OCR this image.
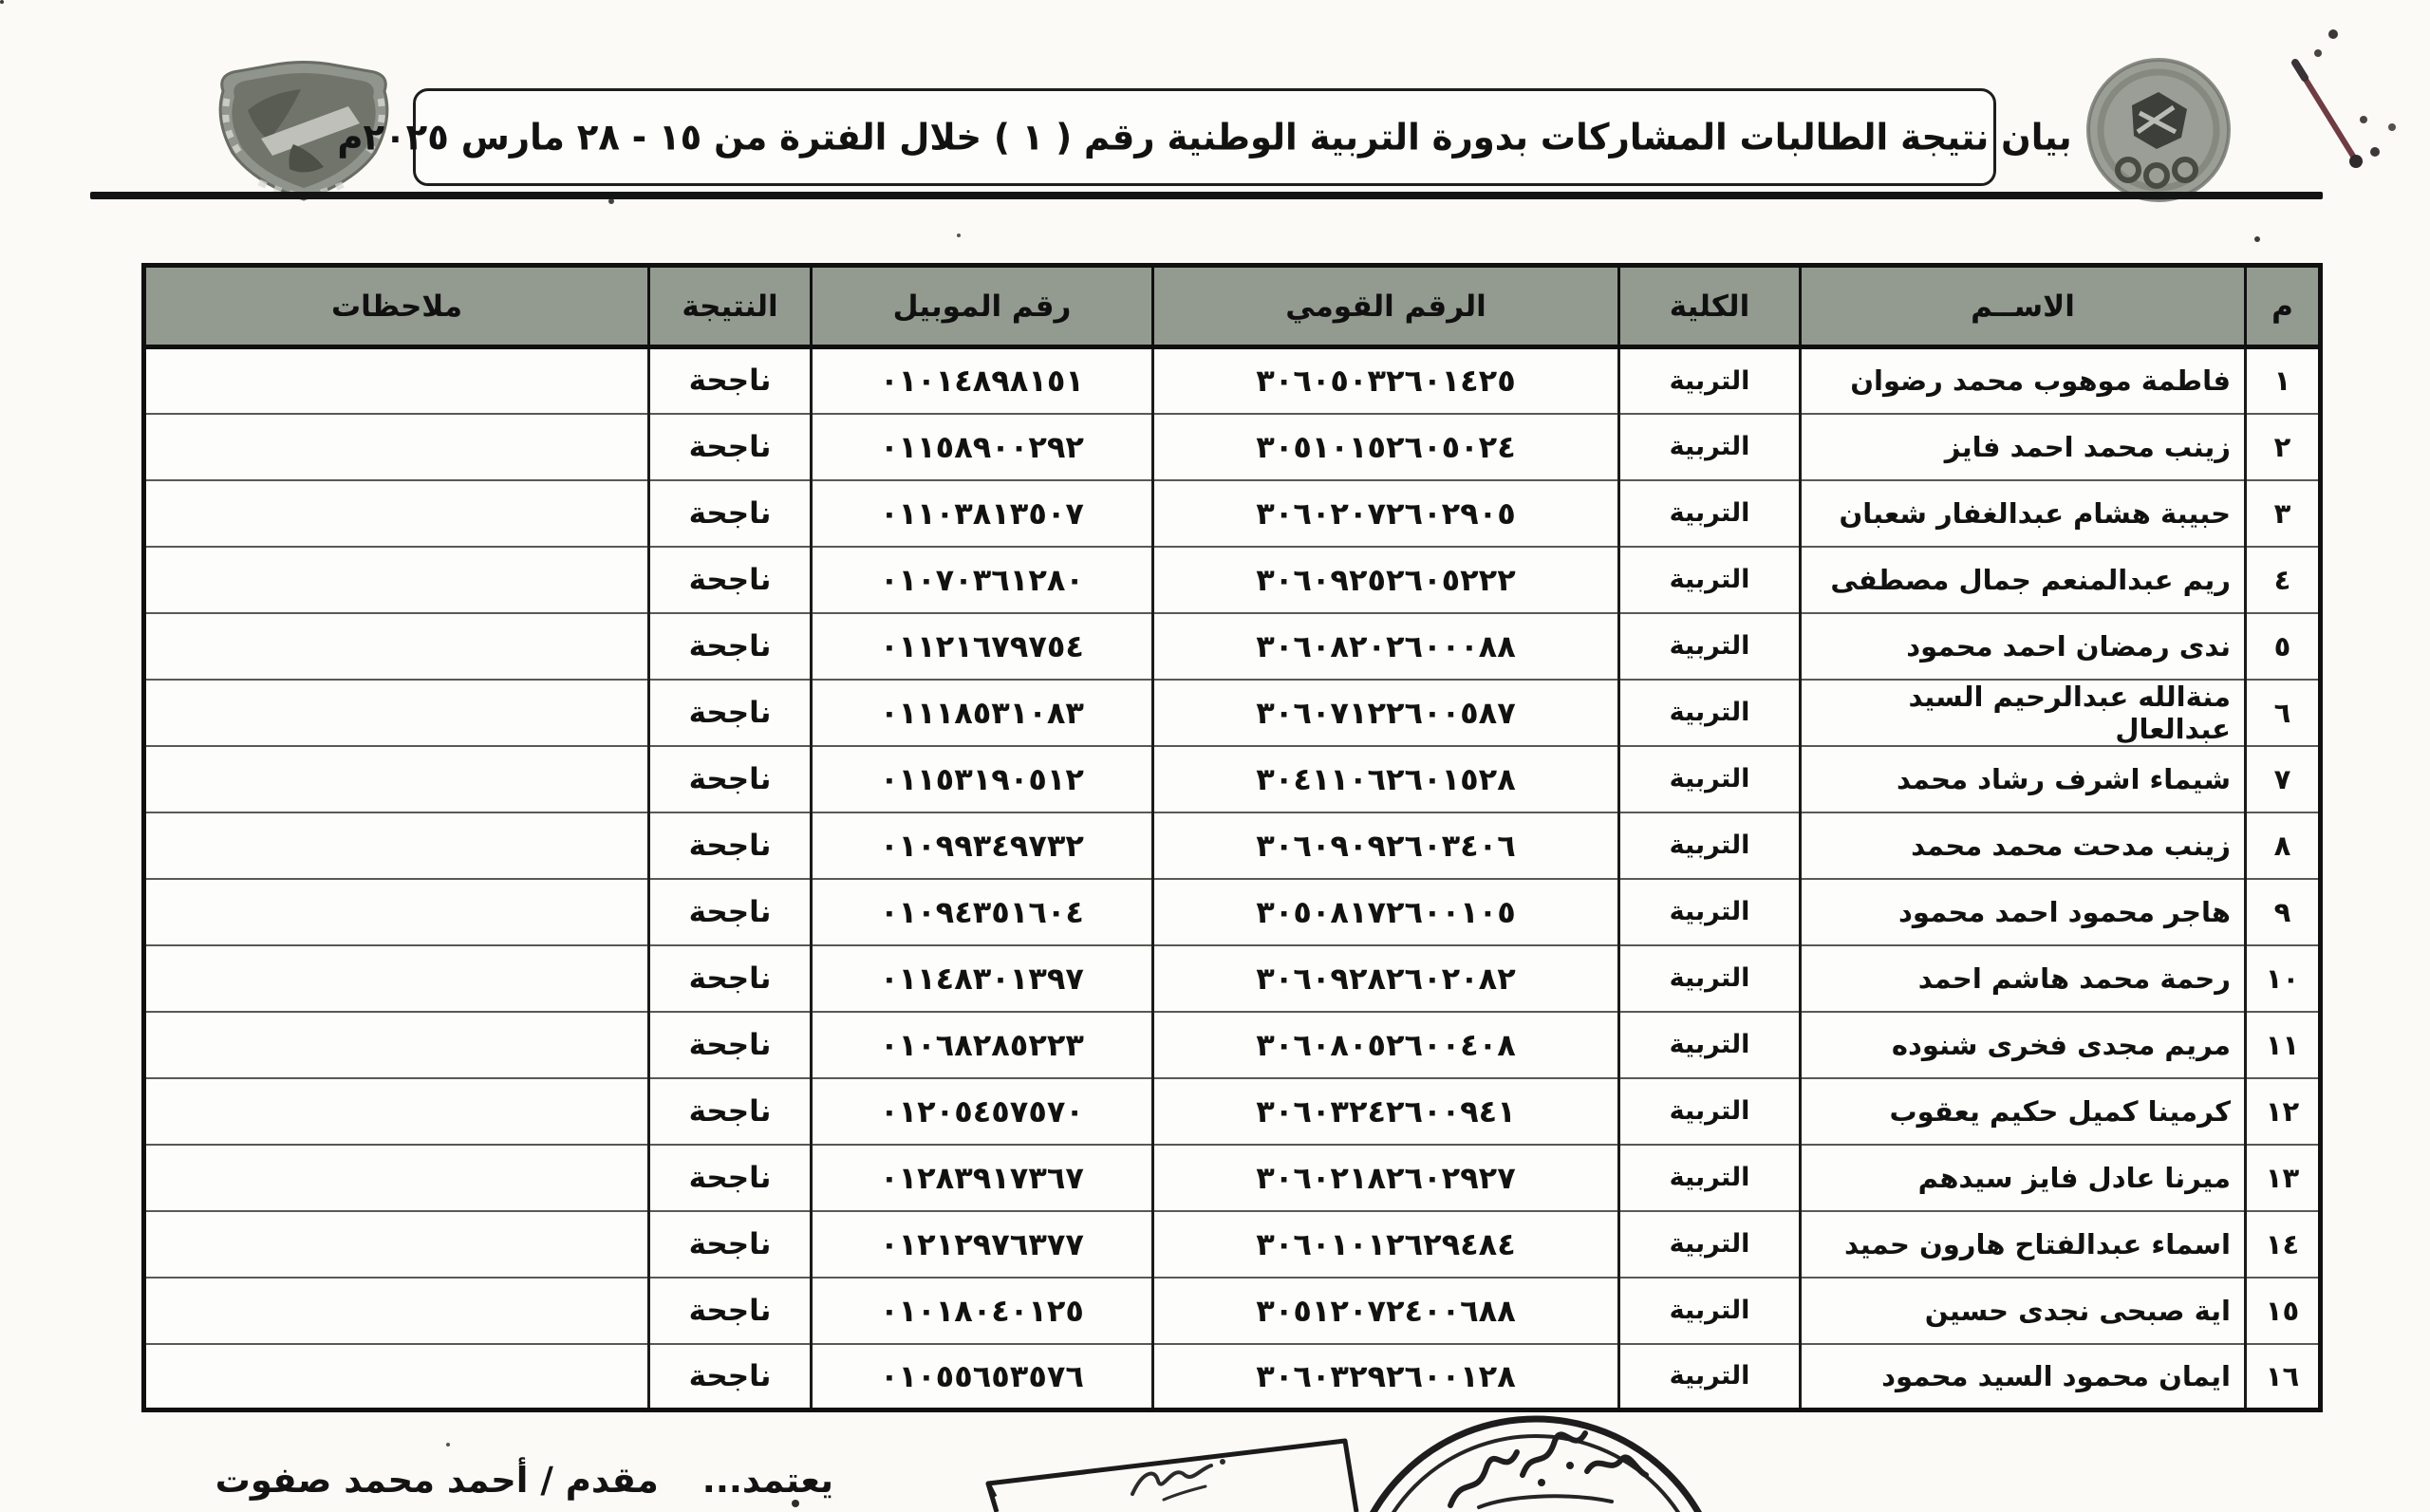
بيان نتيجة الطالبات المشاركات بدورة التربية الوطنية رقم ( ١ ) خلال الفترة من ١٥ - ٢٨ مارس ٢٠٢٥م
م	الاســم	الكلية	الرقم القومي	رقم الموبيل	النتيجة	ملاحظات
١	فاطمة موهوب محمد رضوان	التربية	٣٠٦٠٥٠٣٢٦٠١٤٢٥	٠١٠١٤٨٩٨١٥١	ناجحة	
٢	زينب محمد احمد فايز	التربية	٣٠٥١٠١٥٢٦٠٥٠٢٤	٠١١٥٨٩٠٠٢٩٢	ناجحة	
٣	حبيبة هشام عبدالغفار شعبان	التربية	٣٠٦٠٢٠٧٢٦٠٢٩٠٥	٠١١٠٣٨١٣٥٠٧	ناجحة	
٤	ريم عبدالمنعم جمال مصطفى	التربية	٣٠٦٠٩٢٥٢٦٠٥٢٢٢	٠١٠٧٠٣٦١٢٨٠	ناجحة	
٥	ندى رمضان احمد محمود	التربية	٣٠٦٠٨٢٠٢٦٠٠٠٨٨	٠١١٢١٦٧٩٧٥٤	ناجحة	
٦	منةالله عبدالرحيم السيد عبدالعال	التربية	٣٠٦٠٧١٢٢٦٠٠٥٨٧	٠١١١٨٥٣١٠٨٣	ناجحة	
٧	شيماء اشرف رشاد محمد	التربية	٣٠٤١١٠٦٢٦٠١٥٢٨	٠١١٥٣١٩٠٥١٢	ناجحة	
٨	زينب مدحت محمد محمد	التربية	٣٠٦٠٩٠٩٢٦٠٣٤٠٦	٠١٠٩٩٣٤٩٧٣٢	ناجحة	
٩	هاجر محمود احمد محمود	التربية	٣٠٥٠٨١٧٢٦٠٠١٠٥	٠١٠٩٤٣٥١٦٠٤	ناجحة	
١٠	رحمة محمد هاشم احمد	التربية	٣٠٦٠٩٢٨٢٦٠٢٠٨٢	٠١١٤٨٣٠١٣٩٧	ناجحة	
١١	مريم مجدى فخرى شنوده	التربية	٣٠٦٠٨٠٥٢٦٠٠٤٠٨	٠١٠٦٨٢٨٥٢٢٣	ناجحة	
١٢	كرمينا كميل حكيم يعقوب	التربية	٣٠٦٠٣٢٤٢٦٠٠٩٤١	٠١٢٠٥٤٥٧٥٧٠	ناجحة	
١٣	ميرنا عادل فايز سيدهم	التربية	٣٠٦٠٢١٨٢٦٠٢٩٢٧	٠١٢٨٣٩١٧٣٦٧	ناجحة	
١٤	اسماء عبدالفتاح هارون حميد	التربية	٣٠٦٠١٠١٢٦٢٩٤٨٤	٠١٢١٢٩٧٦٣٧٧	ناجحة	
١٥	اية صبحى نجدى حسين	التربية	٣٠٥١٢٠٧٢٤٠٠٦٨٨	٠١٠١٨٠٤٠١٢٥	ناجحة	
١٦	ايمان محمود السيد محمود	التربية	٣٠٦٠٣٢٩٢٦٠٠١٢٨	٠١٠٥٥٦٥٣٥٧٦	ناجحة	
يعتمد...
مقدم / أحمد محمد صفوت
